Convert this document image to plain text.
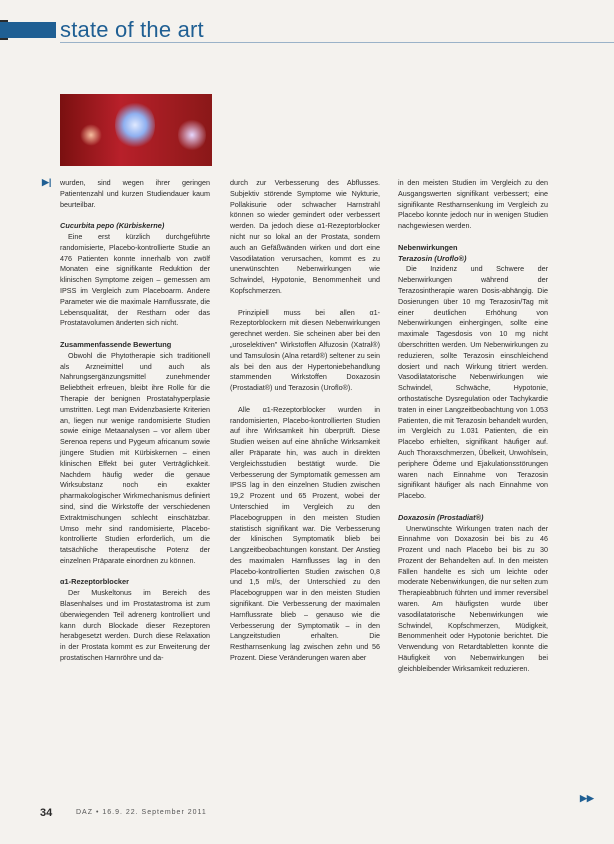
state of the art
▶| wurden, sind wegen ihrer geringen Patientenzahl und kurzen Studiendauer kaum beurteilbar.

Cucurbita pepo (Kürbiskerne)

Eine erst kürzlich durchgeführte randomisierte, Placebo-kontrollierte Studie an 476 Patienten konnte innerhalb von zwölf Monaten eine signifikante Reduktion der klinischen Symptome zeigen – gemessen am IPSS im Vergleich zum Placeboarm. Andere Parameter wie die maximale Harnflussrate, die Lebensqualität, der Restharn oder das Prostatavolumen änderten sich nicht.

Zusammenfassende Bewertung

Obwohl die Phytotherapie sich traditionell als Arzneimittel und auch als Nahrungsergänzungsmittel zunehmender Beliebtheit erfreuen, bleibt ihre Rolle für die Therapie der benignen Prostatahyperplasie umstritten. Legt man Evidenzbasierte Kriterien an, liegen nur wenige randomisierte Studien sowie einige Metaanalysen – vor allem über Serenoa repens und Pygeum africanum sowie jüngere Studien mit Kürbiskernen – einen klinischen Effekt bei guter Verträglichkeit. Nachdem häufig weder die genaue Wirksubstanz noch ein exakter pharmakologischer Wirkmechanismus definiert sind, sind die Wirkstoffe der verschiedenen Extraktmischungen schlecht einschätzbar. Umso mehr sind randomisierte, Placebo-kontrollierte Studien erforderlich, um die tatsächliche therapeutische Potenz der einzelnen Präparate einordnen zu können.

α1-Rezeptorblocker

Der Muskeltonus im Bereich des Blasenhalses und im Prostatastroma ist zum überwiegenden Teil adrenerg kontrolliert und kann durch Blockade dieser Rezeptoren herabgesetzt werden. Durch diese Relaxation in der Prostata kommt es zur Erweiterung der prostatischen Harnröhre und da-

durch zur Verbesserung des Abflusses. Subjektiv störende Symptome wie Nykturie, Pollakisurie oder schwacher Harnstrahl können so wieder gemindert oder verbessert werden. Da jedoch diese α1-Rezeptorblocker nicht nur so lokal an der Prostata, sondern auch an Gefäßwänden wirken und dort eine Vasodilatation verursachen, kommt es zu unerwünschten Nebenwirkungen wie Schwindel, Hypotonie, Benommenheit und Kopfschmerzen.

Prinzipiell muss bei allen α1-Rezeptorblockern mit diesen Nebenwirkungen gerechnet werden. Sie scheinen aber bei den „uroselektiven" Wirkstoffen Alfuzosin (Xatral®) und Tamsulosin (Alna retard®) seltener zu sein als bei den aus der Hypertoniebehandlung stammenden Wirkstoffen Doxazosin (Prostadiat®) und Terazosin (Uroflo®).

Alle α1-Rezeptorblocker wurden in randomisierten, Placebo-kontrollierten Studien auf ihre Wirksamkeit hin überprüft. Diese Studien weisen auf eine ähnliche Wirksamkeit aller Präparate hin, was auch in direkten Vergleichsstudien bestätigt wurde. Die Verbesserung der Symptomatik gemessen am IPSS lag in den einzelnen Studien zwischen 19,2 Prozent und 65 Prozent, wobei der Unterschied im Vergleich zu den Placebogruppen in den meisten Studien statistisch signifikant war. Die Verbesserung der klinischen Symptomatik blieb bei Langzeitbeobachtungen konstant. Der Anstieg des maximalen Harnflusses lag in den Placebo-kontrollierten Studien zwischen 0,8 und 1,5 ml/s, der Unterschied zu den Placebogruppen war in den meisten Studien signifikant. Die Verbesserung der maximalen Harnflussrate blieb – genauso wie die Verbesserung der Symptomatik – in den Langzeitstudien erhalten. Die Restharnsenkung lag zwischen zehn und 56 Prozent. Diese Veränderungen waren aber

in den meisten Studien im Vergleich zu den Ausgangswerten signifikant verbessert; eine signifikante Restharnsenkung im Vergleich zu Placebo konnte jedoch nur in wenigen Studien nachgewiesen werden.

Nebenwirkungen
Terazosin (Uroflo®)

Die Inzidenz und Schwere der Nebenwirkungen während der Terazosintherapie waren Dosis-abhängig. Die Dosierungen über 10 mg Terazosin/Tag mit einer deutlichen Erhöhung von Nebenwirkungen einhergingen, sollte eine maximale Tagesdosis von 10 mg nicht überschritten werden. Um Nebenwirkungen zu reduzieren, sollte Terazosin einschleichend dosiert und nach Wirkung titriert werden. Vasodilatatorische Nebenwirkungen wie Schwindel, Schwäche, Hypotonie, orthostatische Dysregulation oder Tachykardie traten in einer Langzeitbeobachtung von 1.053 Patienten, die mit Terazosin behandelt wurden, im Vergleich zu 1.031 Patienten, die ein Placebo erhielten, signifikant häufiger auf. Auch Thoraxschmerzen, Übelkeit, Unwohlsein, periphere Ödeme und Ejakulationsstörungen waren nach Einnahme von Terazosin signifikant häufiger als nach Einnahme von Placebo.

Doxazosin (Prostadiat®)

Unerwünschte Wirkungen traten nach der Einnahme von Doxazosin bei bis zu 46 Prozent und nach Placebo bei bis zu 30 Prozent der Behandelten auf. In den meisten Fällen handelte es sich um leichte oder moderate Nebenwirkungen, die nur selten zum Therapieabbruch führten und immer reversibel waren. Am häufigsten wurde über vasodilatatorische Nebenwirkungen wie Schwindel, Kopfschmerzen, Müdigkeit, Benommenheit oder Hypotonie berichtet. Die Verwendung von Retardtabletten konnte die Häufigkeit von Nebenwirkungen bei gleichbleibender Wirksamkeit reduzieren.

▶▶
34	DAZ • 16.9. 22. September 2011
